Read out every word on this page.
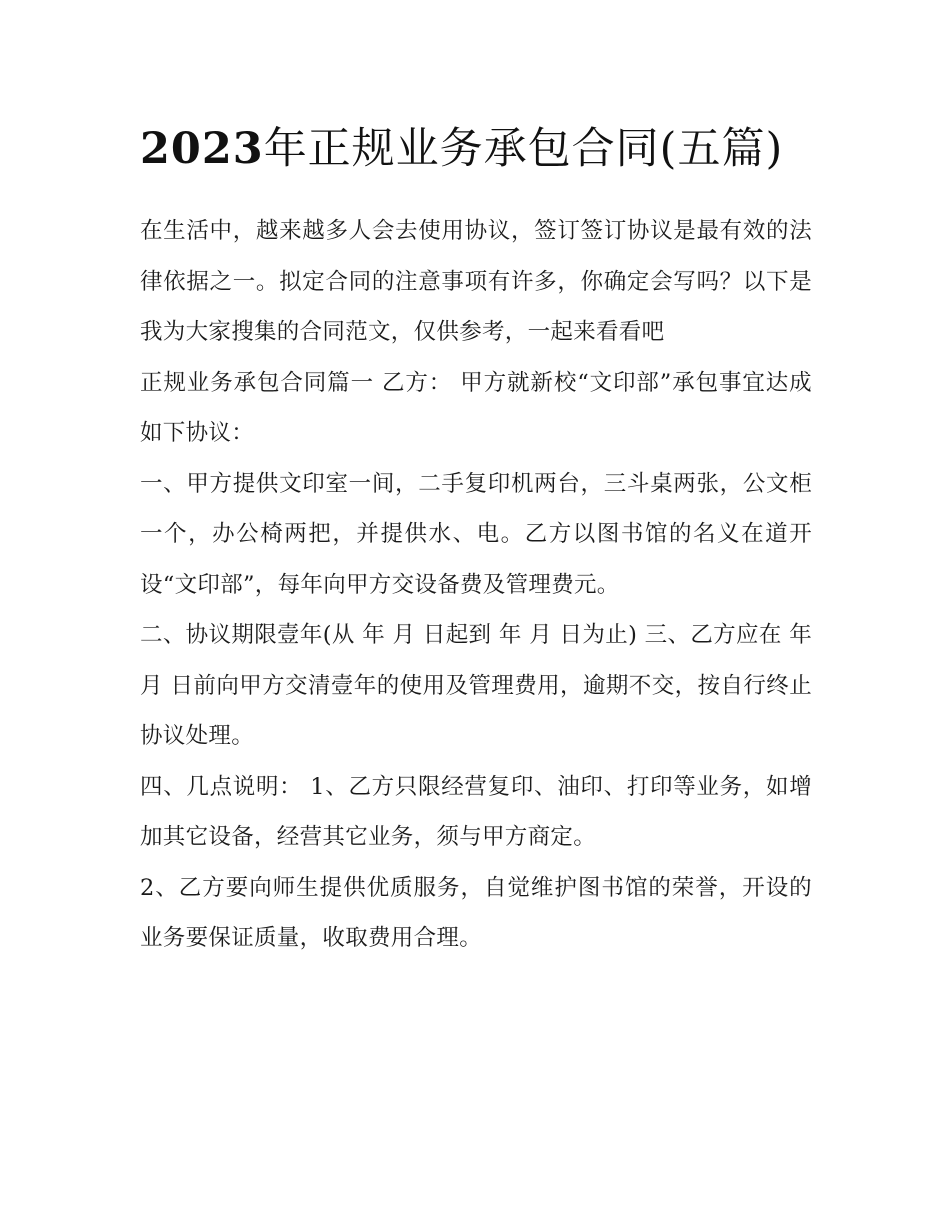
2023年正规业务承包合同(五篇)

在生活中，越来越多人会去使用协议，签订签订协议是最有效的法律依据之一。拟定合同的注意事项有许多，你确定会写吗？以下是我为大家搜集的合同范文，仅供参考，一起来看看吧

正规业务承包合同篇一 乙方： 甲方就新校“文印部”承包事宜达成如下协议：

一、甲方提供文印室一间，二手复印机两台，三斗桌两张，公文柜一个，办公椅两把，并提供水、电。乙方以图书馆的名义在道开设“文印部”，每年向甲方交设备费及管理费元。

二、协议期限壹年(从 年 月 日起到 年 月 日为止) 三、乙方应在 年 月 日前向甲方交清壹年的使用及管理费用，逾期不交，按自行终止协议处理。

四、几点说明： 1、乙方只限经营复印、油印、打印等业务，如增加其它设备，经营其它业务，须与甲方商定。

2、乙方要向师生提供优质服务，自觉维护图书馆的荣誉，开设的业务要保证质量，收取费用合理。
